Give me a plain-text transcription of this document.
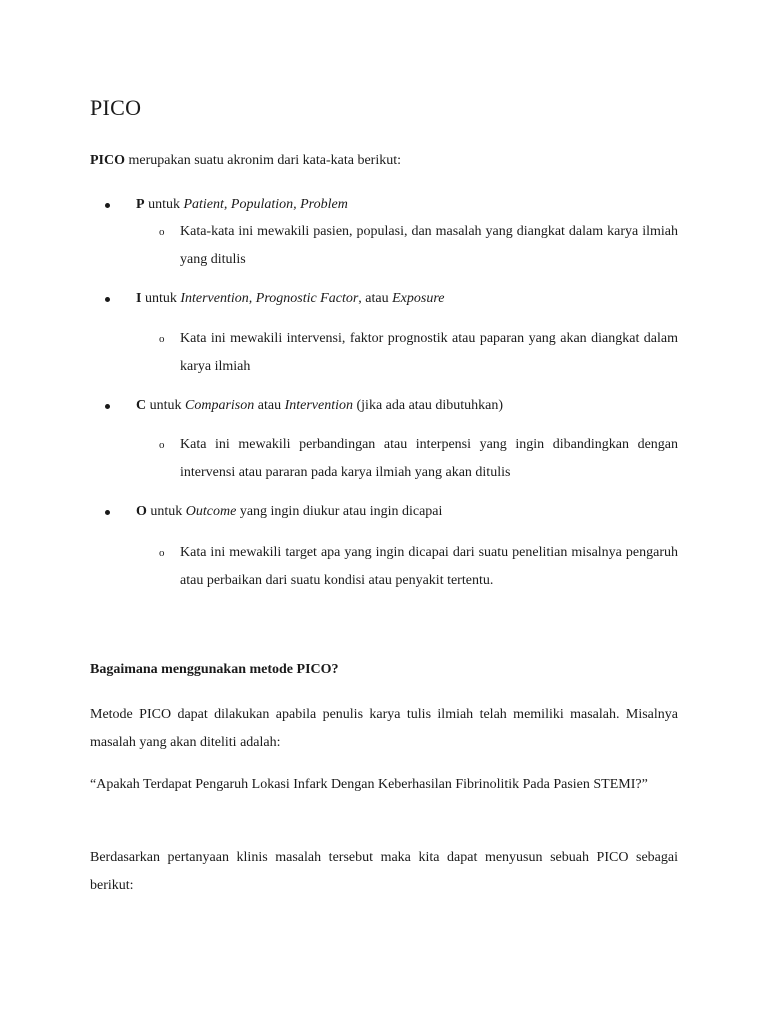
PICO

PICO merupakan suatu akronim dari kata-kata berikut:

P untuk Patient, Population, Problem
o Kata-kata ini mewakili pasien, populasi, dan masalah yang diangkat dalam karya ilmiah yang ditulis
I untuk Intervention, Prognostic Factor, atau Exposure
o Kata ini mewakili intervensi, faktor prognostik atau paparan yang akan diangkat dalam karya ilmiah
C untuk Comparison atau Intervention (jika ada atau dibutuhkan)
o Kata ini mewakili perbandingan atau interpensi yang ingin dibandingkan dengan intervensi atau pararan pada karya ilmiah yang akan ditulis
O untuk Outcome yang ingin diukur atau ingin dicapai
o Kata ini mewakili target apa yang ingin dicapai dari suatu penelitian misalnya pengaruh atau perbaikan dari suatu kondisi atau penyakit tertentu.
Bagaimana menggunakan metode PICO?

Metode PICO dapat dilakukan apabila penulis karya tulis ilmiah telah memiliki masalah. Misalnya masalah yang akan diteliti adalah:

“Apakah Terdapat Pengaruh Lokasi Infark Dengan Keberhasilan Fibrinolitik Pada Pasien STEMI?”

Berdasarkan pertanyaan klinis masalah tersebut maka kita dapat menyusun sebuah PICO sebagai berikut:
